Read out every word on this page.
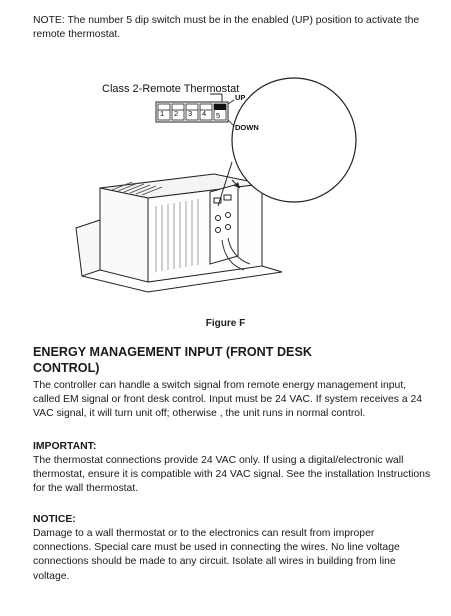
NOTE: The number 5 dip switch must be in the enabled (UP) position to activate the remote thermostat.

Class 2-Remote Thermostat
1 2 3 4 5
UP
DOWN
Figure F
ENERGY MANAGEMENT INPUT (FRONT DESK CONTROL)

The controller can handle a switch signal from remote energy management input, called EM signal or front desk control. Input must be 24 VAC. If system receives a 24 VAC signal, it will turn unit off; otherwise , the unit runs in normal control.

IMPORTANT:

The thermostat connections provide 24 VAC only. If using a digital/electronic wall thermostat, ensure it is compatible with 24 VAC signal. See the installation Instructions for the wall thermostat.

NOTICE:

Damage to a wall thermostat or to the electronics can result from improper connections. Special care must be used in connecting the wires. No line voltage connections should be made to any circuit. Isolate all wires in building from line voltage.
